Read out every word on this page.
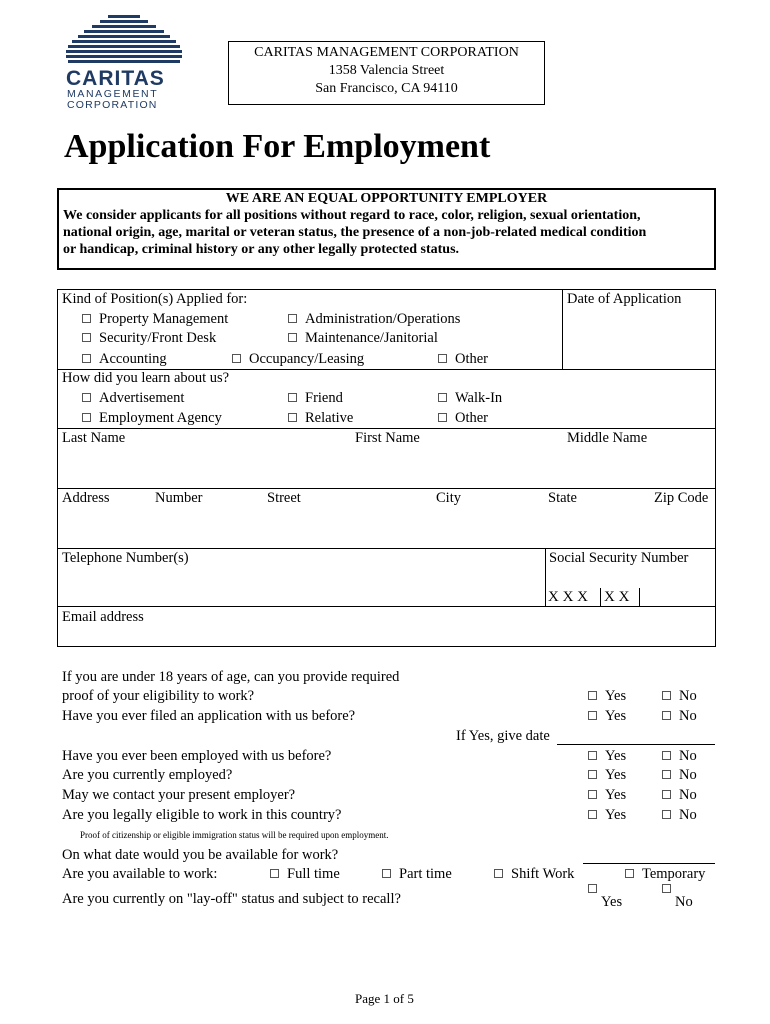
CARITAS
MANAGEMENT
CORPORATION
CARITAS MANAGEMENT CORPORATION
1358 Valencia Street
San Francisco, CA 94110
Application For Employment
WE ARE AN EQUAL OPPORTUNITY EMPLOYER
We consider applicants for all positions without regard to race, color, religion, sexual orientation,
national origin, age, marital or veteran status, the presence of a non-job-related medical condition
or handicap, criminal history or any other legally protected status.
Kind of Position(s) Applied for:	Date of Application
Property Management	Administration/Operations
Security/Front Desk	Maintenance/Janitorial
Accounting	Occupancy/Leasing	Other
How did you learn about us?
Advertisement	Friend	Walk-In
Employment Agency	Relative	Other
Last Name	First Name	Middle Name
Address	Number	Street	City	State	Zip Code
Telephone Number(s)	Social Security Number
X X X X X
Email address
If you are under 18 years of age, can you provide required
proof of your eligibility to work?	Yes	No
Have you ever filed an application with us before?	Yes	No
If Yes, give date
Have you ever been employed with us before?	Yes	No
Are you currently employed?	Yes	No
May we contact your present employer?	Yes	No
Are you legally eligible to work in this country?	Yes	No
Proof of citizenship or eligible immigration status will be required upon employment.
On what date would you be available for work?
Are you available to work:	Full time	Part time	Shift Work	Temporary
Are you currently on "lay-off" status and subject to recall?	Yes	No
Page 1 of 5
